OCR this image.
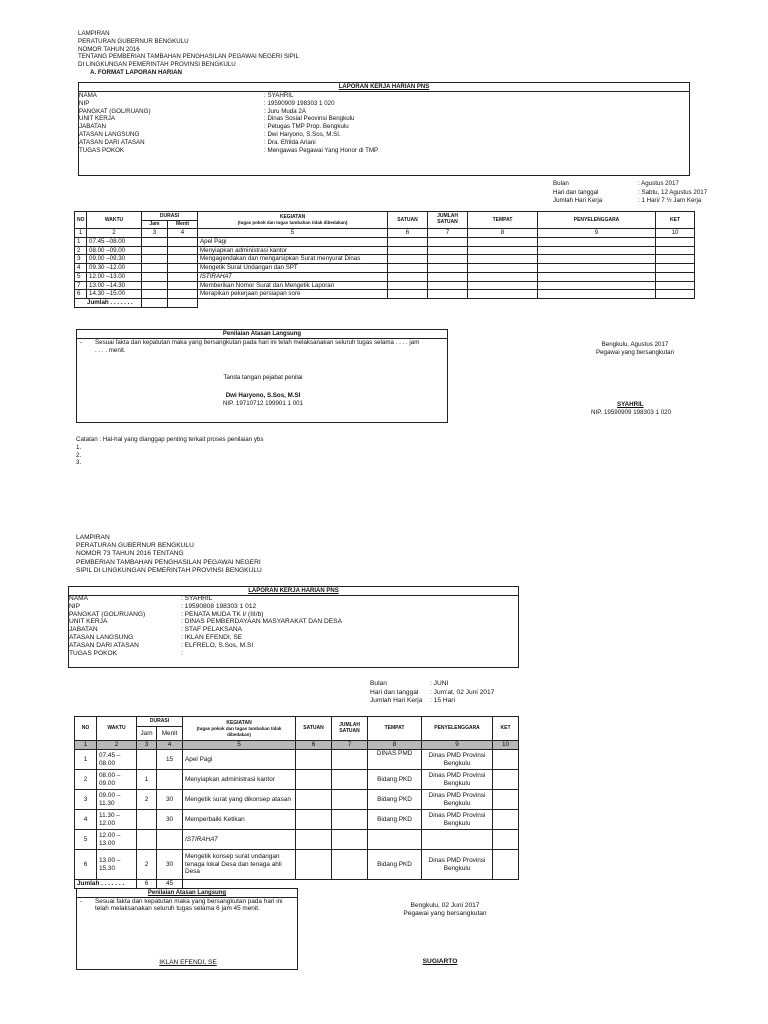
LAMPIRAN
PERATURAN GUBERNUR BENGKULU
NOMOR TAHUN 2016
TENTANG PEMBERIAN TAMBAHAN PENGHASILAN PEGAWAI NEGERI SIPIL
DI LINGKUNGAN PEMERINTAH PROVINSI BENGKULU
A. FORMAT LAPORAN HARIAN
LAPORAN KERJA HARIAN PNS
NAMA	: SYAHRIL
NIP	: 19590909 198303 1 020
PANGKAT (GOL/RUANG)	: Juru Muda 2A
UNIT KERJA	: Dinas Sosial Peovinsi Bengkulu
JABATAN	: Petugas TMP Prop. Bengkulu
ATASAN LANGSUNG	: Dwi Haryono, S.Sos, M.SI.
ATASAN DARI ATASAN	: Dra. Efrilda Ariani
TUGAS POKOK	: Mengawas Pegawai Yang Honor di TMP
Bulan	: Agustus 2017
Hari dan tanggal	: Sabtu, 12 Agustus 2017
Jumlah Hari Kerja	: 1 Hari/ 7 ½ Jam Kerja
NO	WAKTU	DURASI		KEGIATAN
(tugas pokok dan tugas tambahan tidak dibedakan)	SATUAN	JUMLAH SATUAN	TEMPAT	PENYELENGGARA	KET
		Jam	Menit						
1	2	3	4	5	6	7	8	9	10
1	07.45 –08.00			Apel Pagi					
2	08.00 –09.00			Menyiapkan administrasi kantor					
3	09.00 –09.30			Mengagendakan dan mengarsipkan Surat menyurat Dinas					
4	09.30 –12.00			Mengetik Surat Undangan dan SPT					
5	12.00 –13.00			ISTIRAHAT					
7	13.00 –14.30			Memberikan Nomor Surat dan Mengetik Laporan					
6	14.30 –15.00			Merapikan pekerjaan persiapan sore					
Jumlah . . . . . . .									
Penilaian Atasan Langsung
- Sesuai fakta dan kepatutan maka yang bersangkutan pada hari ini telah melaksanakan seluruh tugas selama . . . . jam
. . . . menit.
Tanda tangan pejabat penilai
Dwi Haryono, S.Sos, M.SI
NIP. 19710712 199901 1 001
Bengkulu, Agustus 2017
Pegawai yang bersangkutan
SYAHRIL
NIP. 19590909 198303 1 020
Catatan : Hal-hal yang dianggap penting terkait proses penilaian ybs
1.
2.
3.
LAMPIRAN
PERATURAN GUBERNUR BENGKULU
NOMOR 73 TAHUN 2016 TENTANG
PEMBERIAN TAMBAHAN PENGHASILAN PEGAWAI NEGERI
SIPIL DI LINGKUNGAN PEMERINTAH PROVINSI BENGKULU
LAPORAN KERJA HARIAN PNS
NAMA	: SYAHRIL
NIP	: 19590808 198303 1 012
PANGKAT (GOL/RUANG)	: PENATA MUDA TK I/ (III/b)
UNIT KERJA	: DINAS PEMBERDAYAAN MASYARAKAT DAN DESA
JABATAN	: STAF PELAKSANA
ATASAN LANGSUNG	: IKLAN EFENDI, SE
ATASAN DARI ATASAN	: ELFRELO, S.Sos, M.SI
TUGAS POKOK	:
Bulan	: JUNI
Hari dan tanggal	: Jum'at, 02 Juni 2017
Jumlah Hari Kerja	: 15 Hari
NO	WAKTU	DURASI		KEGIATAN
(tugas pokok dan tugas tambahan tidak dibedakan)	SATUAN	JUMLAH SATUAN	TEMPAT	PENYELENGGARA	KET
		Jam	Menit						
1	2	3	4	5	6	7	8	9	10
1	07.45 – 08.00		15	Apel Pagi			DINAS PMD	Dinas PMD Provinsi Bengkulu	
2	08.00 – 09.00	1		Menyiapkan administrasi kantor			Bidang PKD	Dinas PMD Provinsi Bengkulu	
3	09.00 – 11.30	2	30	Mengetik surat yang dikonsep atasan			Bidang PKD	Dinas PMD Provinsi Bengkulu	
4	11.30 – 12.00		30	Memperbaiki Ketikan			Bidang PKD	Dinas PMD Provinsi Bengkulu	
5	12.00 – 13.00			ISTIRAHAT					
6	13.00 – 15.30	2	30	Mengetik konsep surat undangan tenaga lokal Desa dan tenaga ahli Desa			Bidang PKD	Dinas PMD Provinsi Bengkulu	
Jumlah . . . . . . .		6	45						
Penilaian Atasan Langsung
- Sesuai fakta dan kepatutan maka yang bersangkutan pada hari ini telah melaksanakan seluruh tugas selama 6 jam 45 menit.
IKLAN EFENDI, SE
Bengkulu, 02 Juni 2017
Pegawai yang bersangkutan
SUGIARTO
